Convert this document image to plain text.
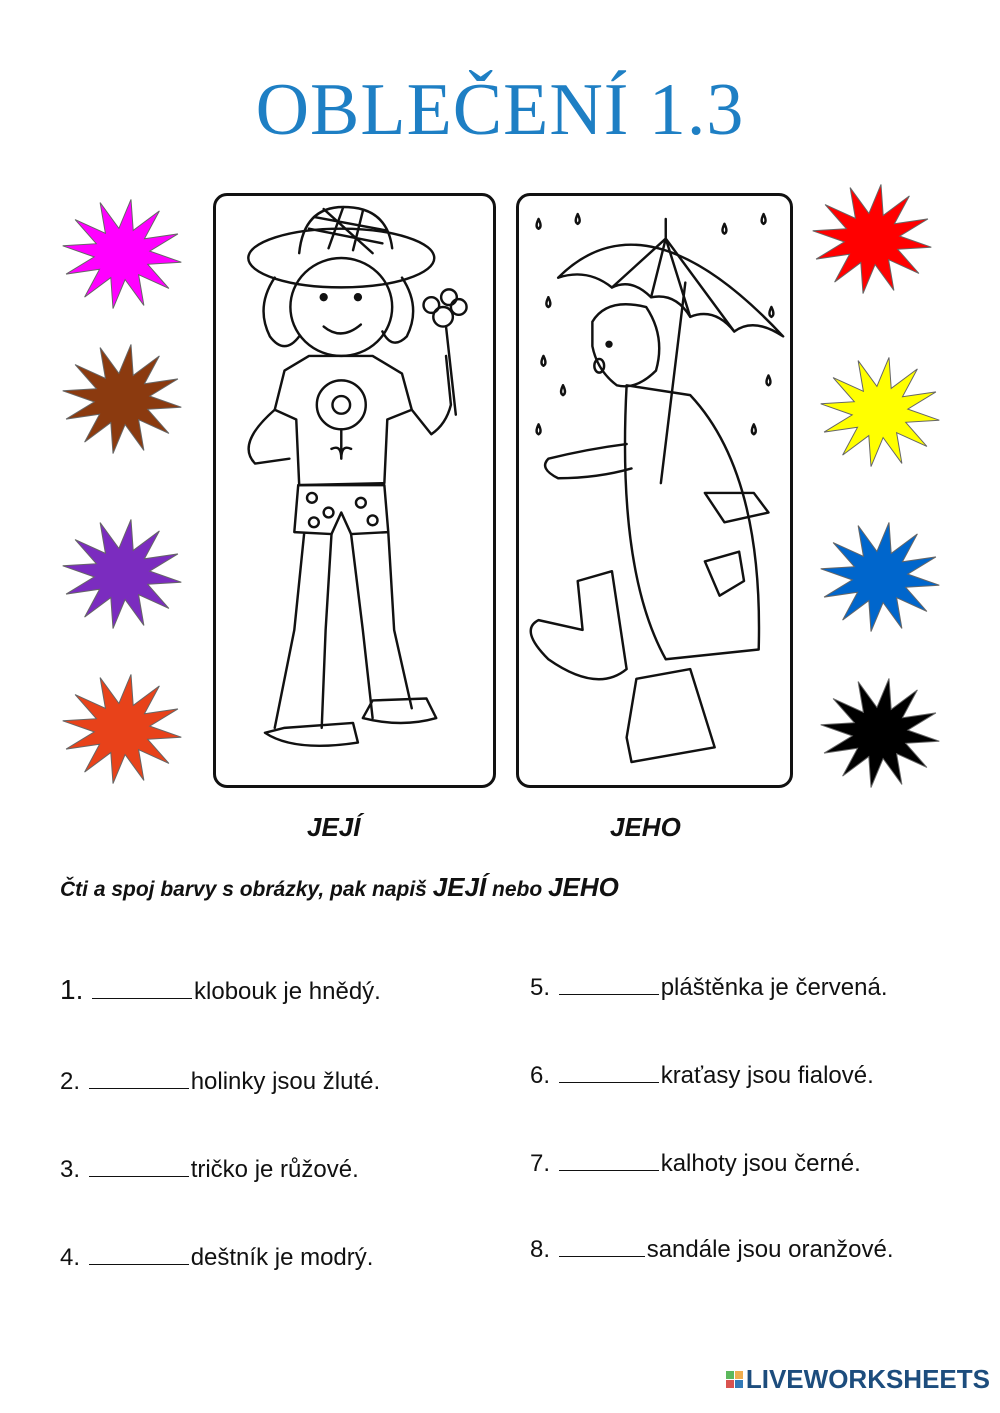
OBLEČENÍ 1.3
JEJÍ	JEHO
Čti a spoj barvy s obrázky, pak napiš JEJÍ nebo JEHO
1.	klobouk je hnědý.
2.	holinky jsou žluté.
3.	tričko je růžové.
4.	deštník je modrý.
5.	pláštěnka je červená.
6.	kraťasy jsou fialové.
7.	kalhoty jsou černé.
8.	sandále jsou oranžové.
LIVEWORKSHEETS
